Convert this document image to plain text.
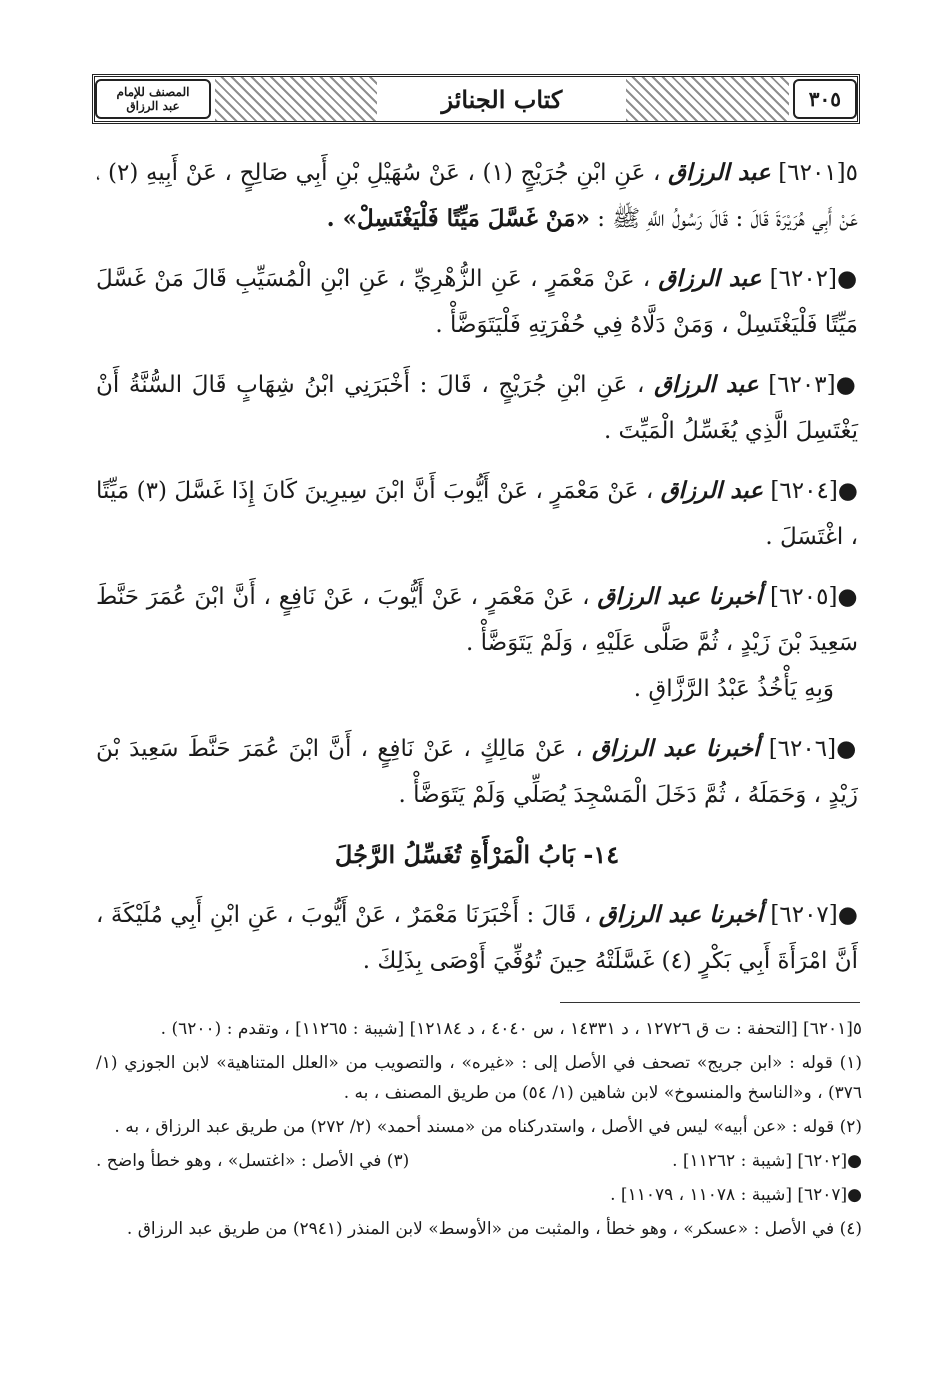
المصنف للإمام عبد الرزاق	كتاب الجنائز	٣٠٥

٥[٦٢٠١] عبد الرزاق ، عَنِ ابْنِ جُرَيْجٍ (١) ، عَنْ سُهَيْلِ بْنِ أَبِي صَالِحٍ ، عَنْ أَبِيهِ (٢) ، عَنْ أَبِي هُرَيْرَةَ قَالَ : قَالَ رَسُولُ اللَّهِ ﷺ : «مَنْ غَسَّلَ مَيِّتًا فَلْيَغْتَسِلْ» .

●[٦٢٠٢] عبد الرزاق ، عَنْ مَعْمَرٍ ، عَنِ الزُّهْرِيِّ ، عَنِ ابْنِ الْمُسَيِّبِ قَالَ مَنْ غَسَّلَ مَيِّتًا فَلْيَغْتَسِلْ ، وَمَنْ دَلَّاهُ فِي حُفْرَتِهِ فَلْيَتَوَضَّأْ .

●[٦٢٠٣] عبد الرزاق ، عَنِ ابْنِ جُرَيْجٍ ، قَالَ : أَخْبَرَنِي ابْنُ شِهَابٍ قَالَ السُّنَّةُ أَنْ يَغْتَسِلَ الَّذِي يُغَسِّلُ الْمَيِّتَ .

●[٦٢٠٤] عبد الرزاق ، عَنْ مَعْمَرٍ ، عَنْ أَيُّوبَ أَنَّ ابْنَ سِيرِينَ كَانَ إِذَا غَسَّلَ (٣) مَيِّتًا ، اغْتَسَلَ .

●[٦٢٠٥] أخبرنا عبد الرزاق ، عَنْ مَعْمَرٍ ، عَنْ أَيُّوبَ ، عَنْ نَافِعٍ ، أَنَّ ابْنَ عُمَرَ حَنَّطَ سَعِيدَ بْنَ زَيْدٍ ، ثُمَّ صَلَّى عَلَيْهِ ، وَلَمْ يَتَوَضَّأْ .

وَبِهِ يَأْخُذُ عَبْدُ الرَّزَّاقِ .

●[٦٢٠٦] أخبرنا عبد الرزاق ، عَنْ مَالِكٍ ، عَنْ نَافِعٍ ، أَنَّ ابْنَ عُمَرَ حَنَّطَ سَعِيدَ بْنَ زَيْدٍ ، وَحَمَلَهُ ، ثُمَّ دَخَلَ الْمَسْجِدَ يُصَلِّي وَلَمْ يَتَوَضَّأْ .

١٤- بَابُ الْمَرْأَةِ تُغَسِّلُ الرَّجُلَ

●[٦٢٠٧] أخبرنا عبد الرزاق ، قَالَ : أَخْبَرَنَا مَعْمَرٌ ، عَنْ أَيُّوبَ ، عَنِ ابْنِ أَبِي مُلَيْكَةَ ، أَنَّ امْرَأَةَ أَبِي بَكْرٍ (٤) غَسَّلَتْهُ حِينَ تُوُفِّيَ أَوْصَى بِذَلِكَ .

٥[٦٢٠١] [التحفة : ت ق ١٢٧٢٦ ، د ١٤٣٣١ ، س ٤٠٤٠ ، د ١٢١٨٤] [شيبة : ١١٢٦٥] ، وتقدم : (٦٢٠٠) .

(١) قوله : «ابن جريج» تصحف في الأصل إلى : «غيره» ، والتصويب من «العلل المتناهية» لابن الجوزي (١/ ٣٧٦) ، و«الناسخ والمنسوخ» لابن شاهين (١/ ٥٤) من طريق المصنف ، به .

(٢) قوله : «عن أبيه» ليس في الأصل ، واستدركناه من «مسند أحمد» (٢/ ٢٧٢) من طريق عبد الرزاق ، به .

●[٦٢٠٢] [شيبة : ١١٢٦٢] .
(٣) في الأصل : «اغتسل» ، وهو خطأ واضح .

●[٦٢٠٧] [شيبة : ١١٠٧٨ ، ١١٠٧٩] .

(٤) في الأصل : «عسكر» ، وهو خطأ ، والمثبت من «الأوسط» لابن المنذر (٢٩٤١) من طريق عبد الرزاق .
